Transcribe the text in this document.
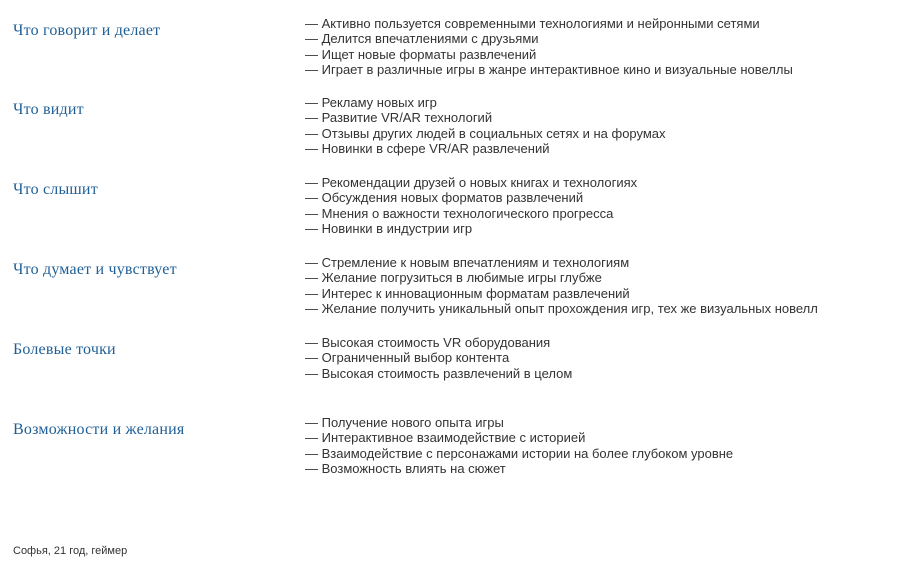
Что говорит и делает	— Активно пользуется современными технологиями и нейронными сетями
— Делится впечатлениями с друзьями
— Ищет новые форматы развлечений
— Играет в различные игры в жанре интерактивное кино и визуальные новеллы
Что видит	— Рекламу новых игр
— Развитие VR/AR технологий
— Отзывы других людей в социальных сетях и на форумах
— Новинки в сфере VR/AR развлечений
Что слышит	— Рекомендации друзей о новых книгах и технологиях
— Обсуждения новых форматов развлечений
— Мнения о важности технологического прогресса
— Новинки в индустрии игр
Что думает и чувствует	— Стремление к новым впечатлениям и технологиям
— Желание погрузиться в любимые игры глубже
— Интерес к инновационным форматам развлечений
— Желание получить уникальный опыт прохождения игр, тех же визуальных новелл
Болевые точки	— Высокая стоимость VR оборудования
— Ограниченный выбор контента
— Высокая стоимость развлечений в целом
Возможности и желания	— Получение нового опыта игры
— Интерактивное взаимодействие с историей
— Взаимодействие с персонажами истории на более глубоком уровне
— Возможность влиять на сюжет
Софья, 21 год, геймер
